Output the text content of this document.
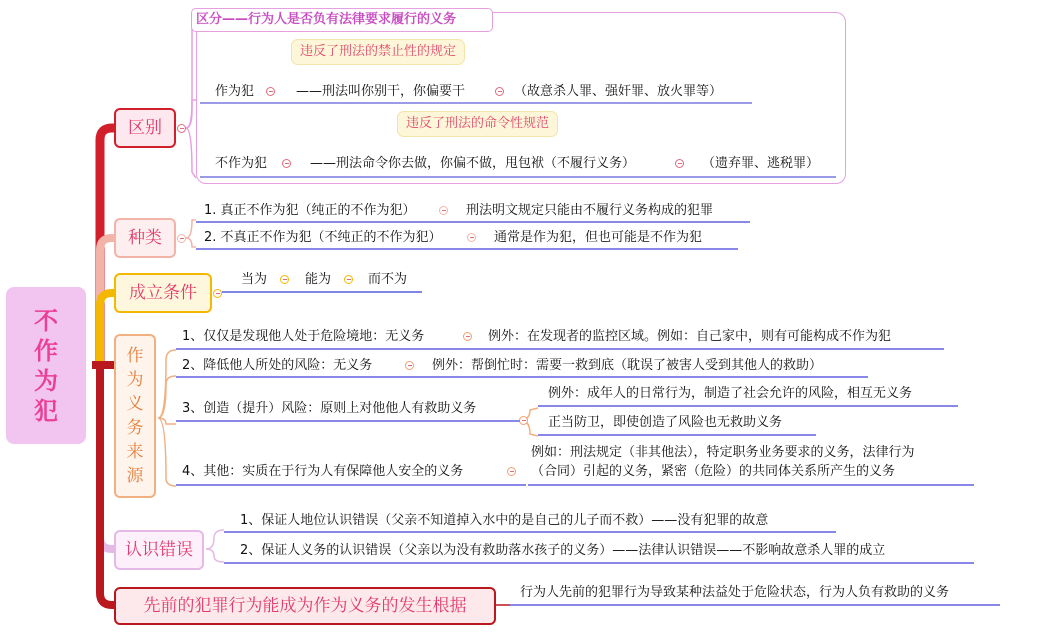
不
作
为
犯
区分——行为人是否负有法律要求履行的义务
区别
违反了刑法的禁止性的规定
作为犯	——刑法叫你别干，你偏要干	（故意杀人罪、强奸罪、放火罪等）
违反了刑法的命令性规范
不作为犯	——刑法命令你去做，你偏不做，甩包袱（不履行义务）	（遗弃罪、逃税罪）
种类
1. 真正不作为犯（纯正的不作为犯）	刑法明文规定只能由不履行义务构成的犯罪
2. 不真正不作为犯（不纯正的不作为犯）	通常是作为犯，但也可能是不作为犯
成立条件
当为	能为	而不为
作
为
义
务
来
源
1、仅仅是发现他人处于危险境地：无义务	例外：在发现者的监控区域。例如：自己家中，则有可能构成不作为犯
2、降低他人所处的风险：无义务	例外：帮倒忙时：需要一救到底（耽误了被害人受到其他人的救助）
3、创造（提升）风险：原则上对他他人有救助义务
例外：成年人的日常行为，制造了社会允许的风险，相互无义务
正当防卫，即使创造了风险也无救助义务
4、其他：实质在于行为人有保障他人安全的义务
例如：刑法规定（非其他法），特定职务业务要求的义务，法律行为
（合同）引起的义务，紧密（危险）的共同体关系所产生的义务
认识错误
1、保证人地位认识错误（父亲不知道掉入水中的是自己的儿子而不救）——没有犯罪的故意
2、保证人义务的认识错误（父亲以为没有救助落水孩子的义务）——法律认识错误——不影响故意杀人罪的成立
先前的犯罪行为能成为作为义务的发生根据
行为人先前的犯罪行为导致某种法益处于危险状态，行为人负有救助的义务
